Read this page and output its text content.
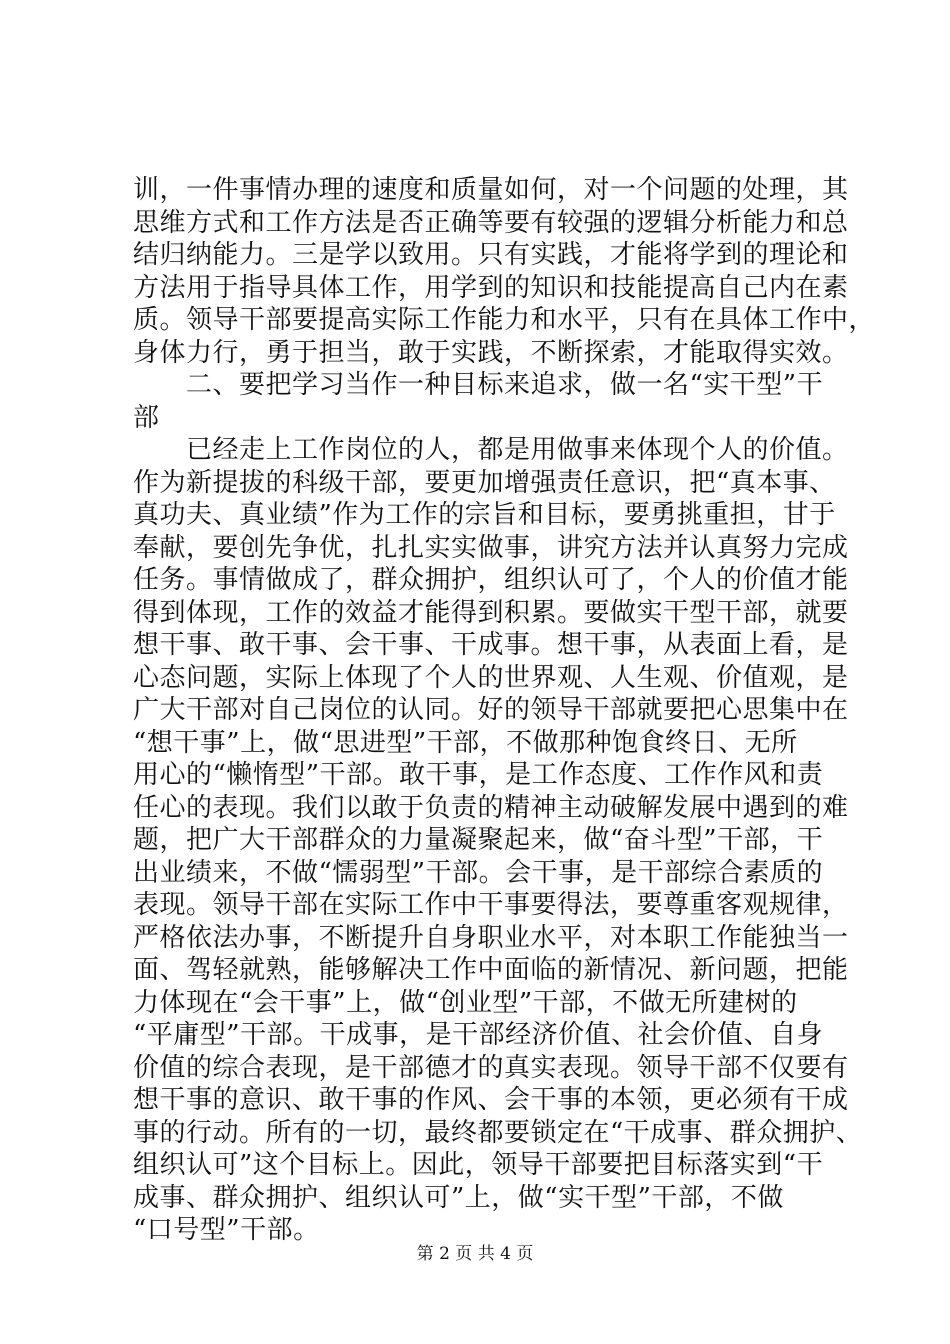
训，一件事情办理的速度和质量如何，对一个问题的处理，其
思维方式和工作方法是否正确等要有较强的逻辑分析能力和总
结归纳能力。三是学以致用。只有实践，才能将学到的理论和
方法用于指导具体工作，用学到的知识和技能提高自己内在素
质。领导干部要提高实际工作能力和水平，只有在具体工作中，
身体力行，勇于担当，敢于实践，不断探索，才能取得实效。
　　二、要把学习当作一种目标来追求，做一名“实干型”干
部
　　已经走上工作岗位的人，都是用做事来体现个人的价值。
作为新提拔的科级干部，要更加增强责任意识，把“真本事、
真功夫、真业绩”作为工作的宗旨和目标，要勇挑重担，甘于
奉献，要创先争优，扎扎实实做事，讲究方法并认真努力完成
任务。事情做成了，群众拥护，组织认可了，个人的价值才能
得到体现，工作的效益才能得到积累。要做实干型干部，就要
想干事、敢干事、会干事、干成事。想干事，从表面上看，是
心态问题，实际上体现了个人的世界观、人生观、价值观，是
广大干部对自己岗位的认同。好的领导干部就要把心思集中在
“想干事”上，做“思进型”干部，不做那种饱食终日、无所
用心的“懒惰型”干部。敢干事，是工作态度、工作作风和责
任心的表现。我们以敢于负责的精神主动破解发展中遇到的难
题，把广大干部群众的力量凝聚起来，做“奋斗型”干部，干
出业绩来，不做“懦弱型”干部。会干事，是干部综合素质的
表现。领导干部在实际工作中干事要得法，要尊重客观规律，
严格依法办事，不断提升自身职业水平，对本职工作能独当一
面、驾轻就熟，能够解决工作中面临的新情况、新问题，把能
力体现在“会干事”上，做“创业型”干部，不做无所建树的
“平庸型”干部。干成事，是干部经济价值、社会价值、自身
价值的综合表现，是干部德才的真实表现。领导干部不仅要有
想干事的意识、敢干事的作风、会干事的本领，更必须有干成
事的行动。所有的一切，最终都要锁定在“干成事、群众拥护、
组织认可”这个目标上。因此，领导干部要把目标落实到“干
成事、群众拥护、组织认可”上，做“实干型”干部，不做
“口号型”干部。
第 2 页 共 4 页
